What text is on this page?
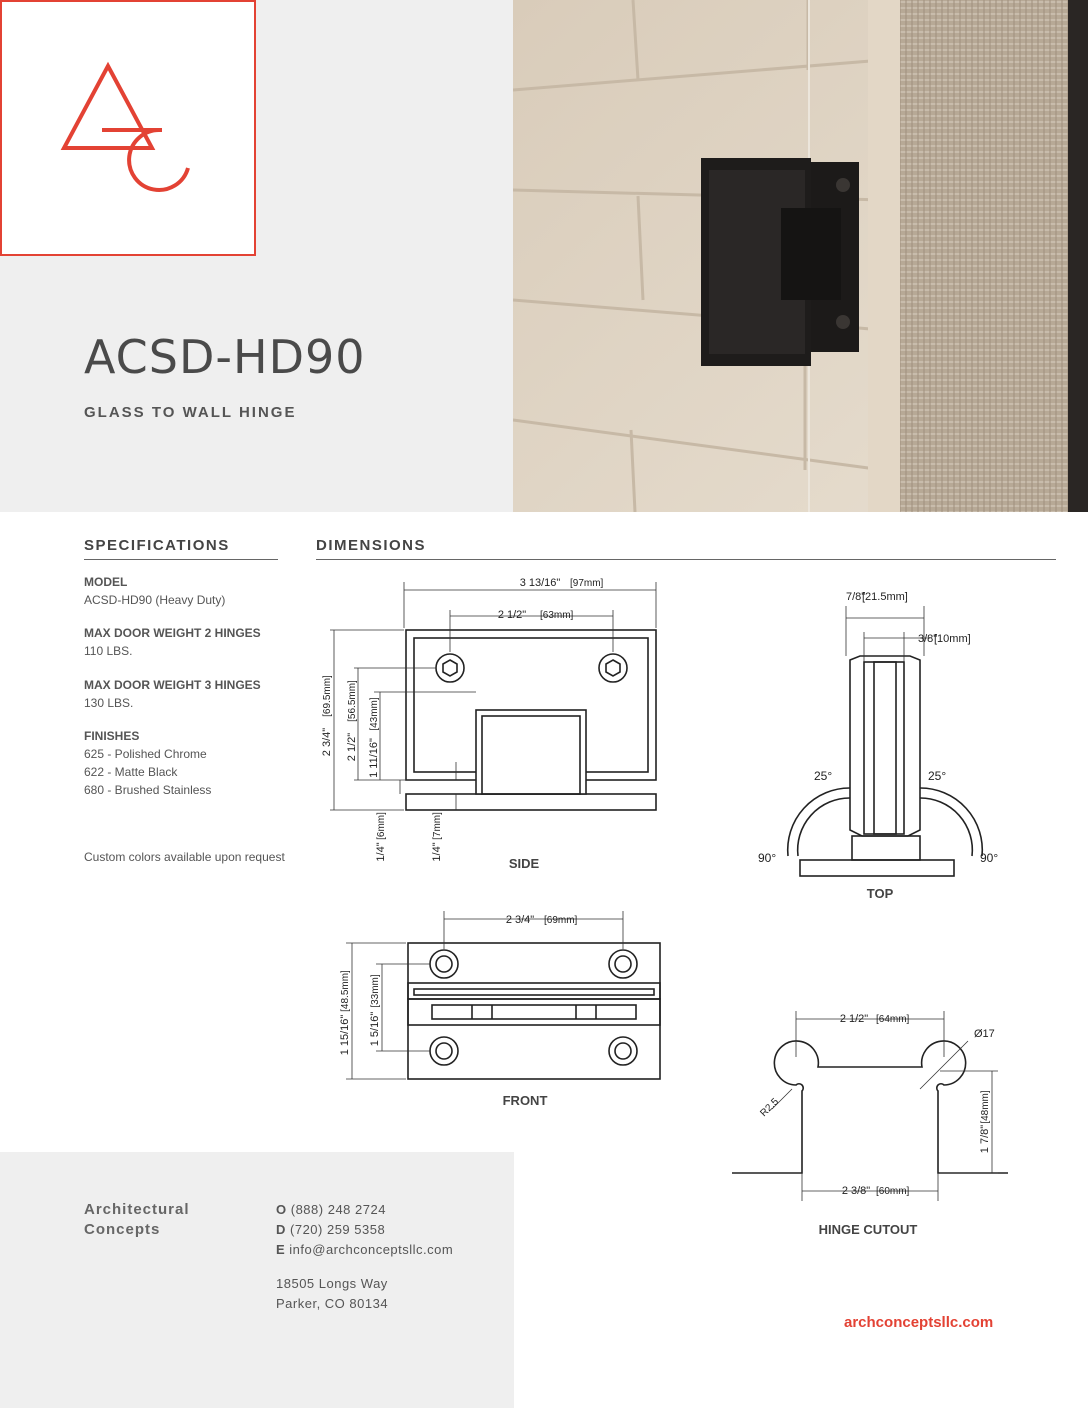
ACSD-HD90
GLASS TO WALL HINGE
SPECIFICATIONS
MODEL
ACSD-HD90 (Heavy Duty)
MAX DOOR WEIGHT 2 HINGES
110 LBS.
MAX DOOR WEIGHT 3 HINGES
130 LBS.
FINISHES
625 - Polished Chrome
622 - Matte Black
680 - Brushed Stainless
Custom colors available upon request
DIMENSIONS
3 13/16" [97mm]
2 1/2" [63mm]
2 3/4"
[69.5mm]
2 1/2"
[56.5mm]
1 11/16"
[43mm]
1/4"
[6mm]
1/4"
[7mm]
SIDE
7/8"
[21.5mm]
3/8"
[10mm]
25°	25°
90°	90°
TOP
2 3/4" [69mm]
1 15/16"
[48.5mm]
1 5/16"
[33mm]
FRONT
2 1/2" [64mm]
Ø17
R2.5
1 7/8"
[48mm]
2 3/8" [60mm]
HINGE CUTOUT
Architectural
Concepts
O (888) 248 2724
D (720) 259 5358
E info@archconceptsllc.com
18505 Longs Way
Parker, CO 80134
archconceptsllc.com
